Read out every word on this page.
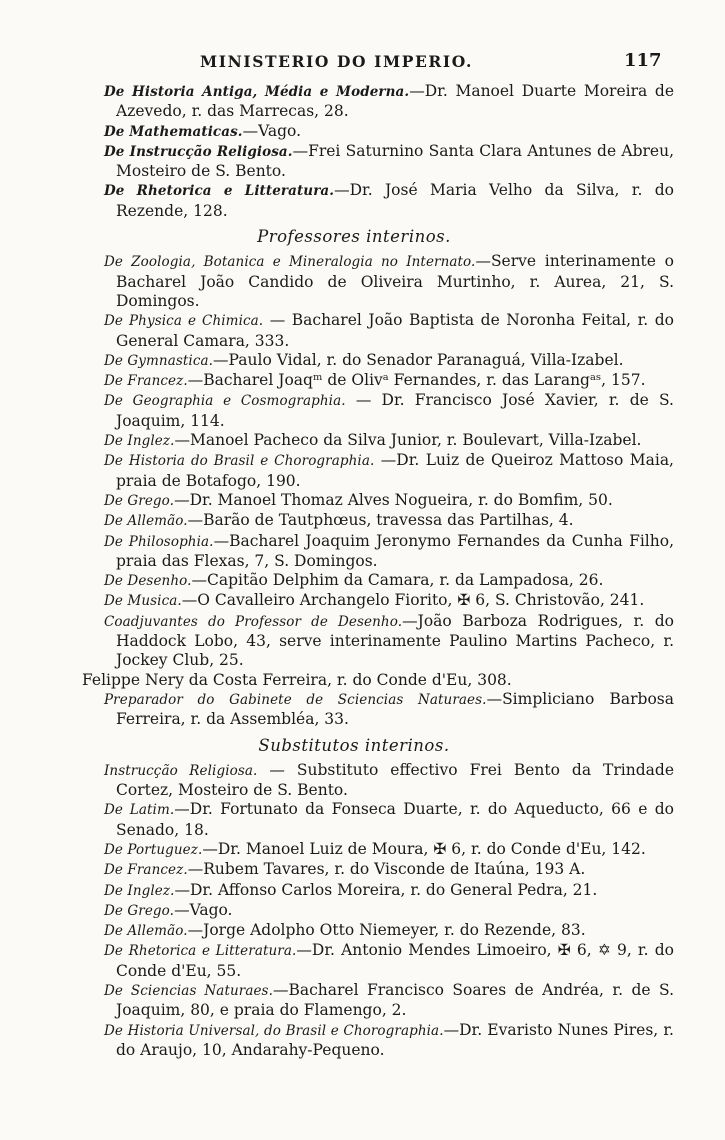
MINISTERIO DO IMPERIO.	117

De Historia Antiga, Média e Moderna.—Dr. Manoel Duarte Moreira de Azevedo, r. das Marrecas, 28.

De Mathematicas.—Vago.

De Instrucção Religiosa.—Frei Saturnino Santa Clara Antunes de Abreu, Mosteiro de S. Bento.

De Rhetorica e Litteratura.—Dr. José Maria Velho da Silva, r. do Rezende, 128.

Professores interinos.

De Zoologia, Botanica e Mineralogia no Internato.—Serve interinamente o Bacharel João Candido de Oliveira Murtinho, r. Aurea, 21, S. Domingos.

De Physica e Chimica. — Bacharel João Baptista de Noronha Feital, r. do General Camara, 333.

De Gymnastica.—Paulo Vidal, r. do Senador Paranaguá, Villa-Izabel.

De Francez.—Bacharel Joaqᵐ de Olivᵃ Fernandes, r. das Larangᵃˢ, 157.

De Geographia e Cosmographia. — Dr. Francisco José Xavier, r. de S. Joaquim, 114.

De Inglez.—Manoel Pacheco da Silva Junior, r. Boulevart, Villa-Izabel.

De Historia do Brasil e Chorographia. —Dr. Luiz de Queiroz Mattoso Maia, praia de Botafogo, 190.

De Grego.—Dr. Manoel Thomaz Alves Nogueira, r. do Bomfim, 50.

De Allemão.—Barão de Tautphœus, travessa das Partilhas, 4.

De Philosophia.—Bacharel Joaquim Jeronymo Fernandes da Cunha Filho, praia das Flexas, 7, S. Domingos.

De Desenho.—Capitão Delphim da Camara, r. da Lampadosa, 26.

De Musica.—O Cavalleiro Archangelo Fiorito, ✠ 6, S. Christovão, 241.

Coadjuvantes do Professor de Desenho.—João Barboza Rodrigues, r. do Haddock Lobo, 43, serve interinamente Paulino Martins Pacheco, r. Jockey Club, 25.

Felippe Nery da Costa Ferreira, r. do Conde d'Eu, 308.

Preparador do Gabinete de Sciencias Naturaes.—Simpliciano Barbosa Ferreira, r. da Assembléa, 33.

Substitutos interinos.

Instrucção Religiosa. — Substituto effectivo Frei Bento da Trindade Cortez, Mosteiro de S. Bento.

De Latim.—Dr. Fortunato da Fonseca Duarte, r. do Aqueducto, 66 e do Senado, 18.

De Portuguez.—Dr. Manoel Luiz de Moura, ✠ 6, r. do Conde d'Eu, 142.

De Francez.—Rubem Tavares, r. do Visconde de Itaúna, 193 A.

De Inglez.—Dr. Affonso Carlos Moreira, r. do General Pedra, 21.

De Grego.—Vago.

De Allemão.—Jorge Adolpho Otto Niemeyer, r. do Rezende, 83.

De Rhetorica e Litteratura.—Dr. Antonio Mendes Limoeiro, ✠ 6, ✡ 9, r. do Conde d'Eu, 55.

De Sciencias Naturaes.—Bacharel Francisco Soares de Andréa, r. de S. Joaquim, 80, e praia do Flamengo, 2.

De Historia Universal, do Brasil e Chorographia.—Dr. Evaristo Nunes Pires, r. do Araujo, 10, Andarahy-Pequeno.
